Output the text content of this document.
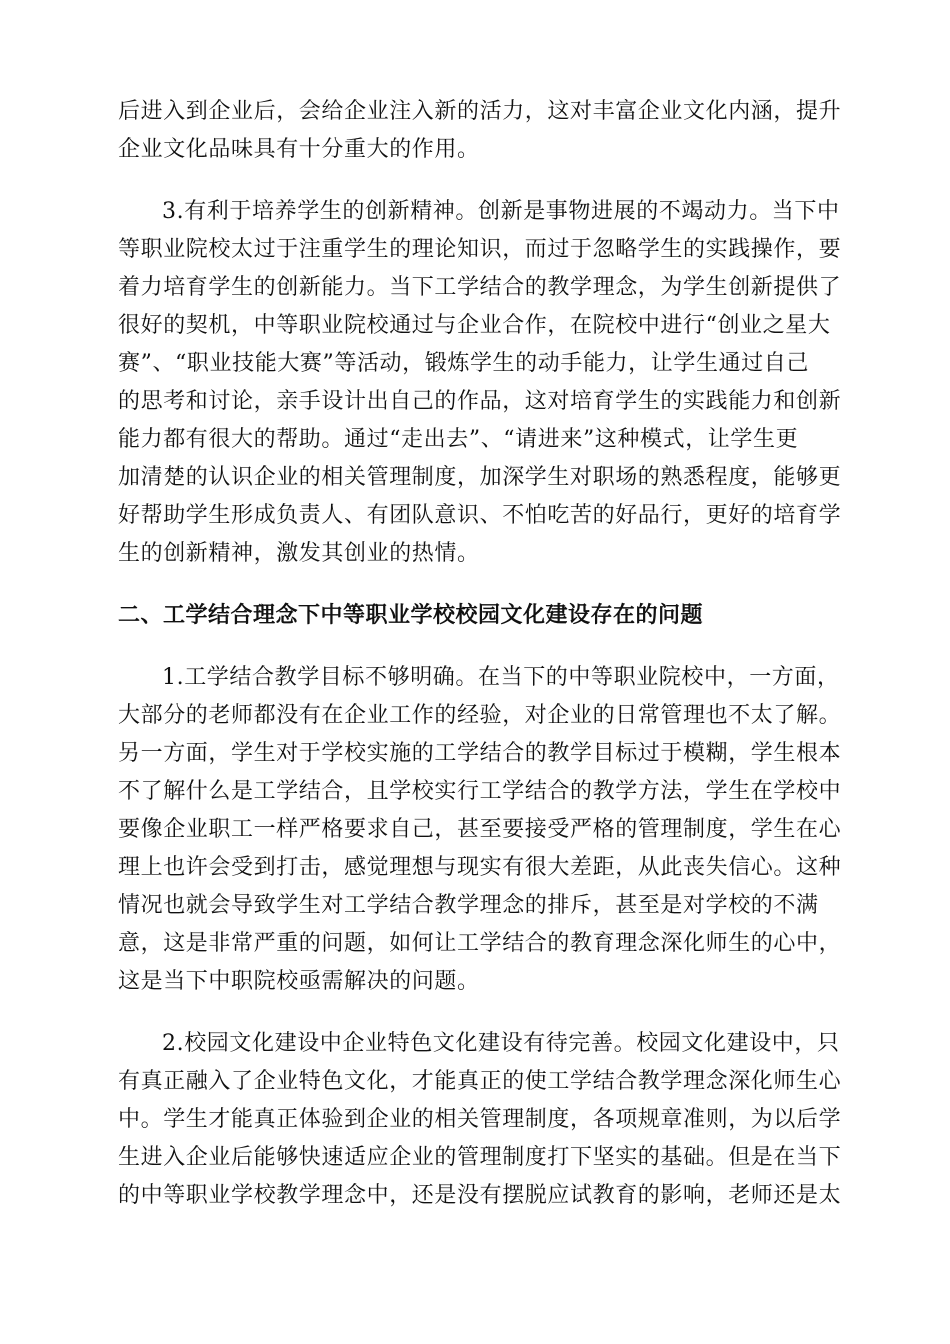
后进入到企业后，会给企业注入新的活力，这对丰富企业文化内涵，提升
企业文化品味具有十分重大的作用。
3.有利于培养学生的创新精神。创新是事物进展的不竭动力。当下中
等职业院校太过于注重学生的理论知识，而过于忽略学生的实践操作，要
着力培育学生的创新能力。当下工学结合的教学理念，为学生创新提供了
很好的契机，中等职业院校通过与企业合作，在院校中进行“创业之星大
赛”、“职业技能大赛”等活动，锻炼学生的动手能力，让学生通过自己
的思考和讨论，亲手设计出自己的作品，这对培育学生的实践能力和创新
能力都有很大的帮助。通过“走出去”、“请进来”这种模式，让学生更
加清楚的认识企业的相关管理制度，加深学生对职场的熟悉程度，能够更
好帮助学生形成负责人、有团队意识、不怕吃苦的好品行，更好的培育学
生的创新精神，激发其创业的热情。
二、工学结合理念下中等职业学校校园文化建设存在的问题
1.工学结合教学目标不够明确。在当下的中等职业院校中，一方面，
大部分的老师都没有在企业工作的经验，对企业的日常管理也不太了解。
另一方面，学生对于学校实施的工学结合的教学目标过于模糊，学生根本
不了解什么是工学结合，且学校实行工学结合的教学方法，学生在学校中
要像企业职工一样严格要求自己，甚至要接受严格的管理制度，学生在心
理上也许会受到打击，感觉理想与现实有很大差距，从此丧失信心。这种
情况也就会导致学生对工学结合教学理念的排斥，甚至是对学校的不满
意，这是非常严重的问题，如何让工学结合的教育理念深化师生的心中，
这是当下中职院校亟需解决的问题。
2.校园文化建设中企业特色文化建设有待完善。校园文化建设中，只
有真正融入了企业特色文化，才能真正的使工学结合教学理念深化师生心
中。学生才能真正体验到企业的相关管理制度，各项规章准则，为以后学
生进入企业后能够快速适应企业的管理制度打下坚实的基础。但是在当下
的中等职业学校教学理念中，还是没有摆脱应试教育的影响，老师还是太
